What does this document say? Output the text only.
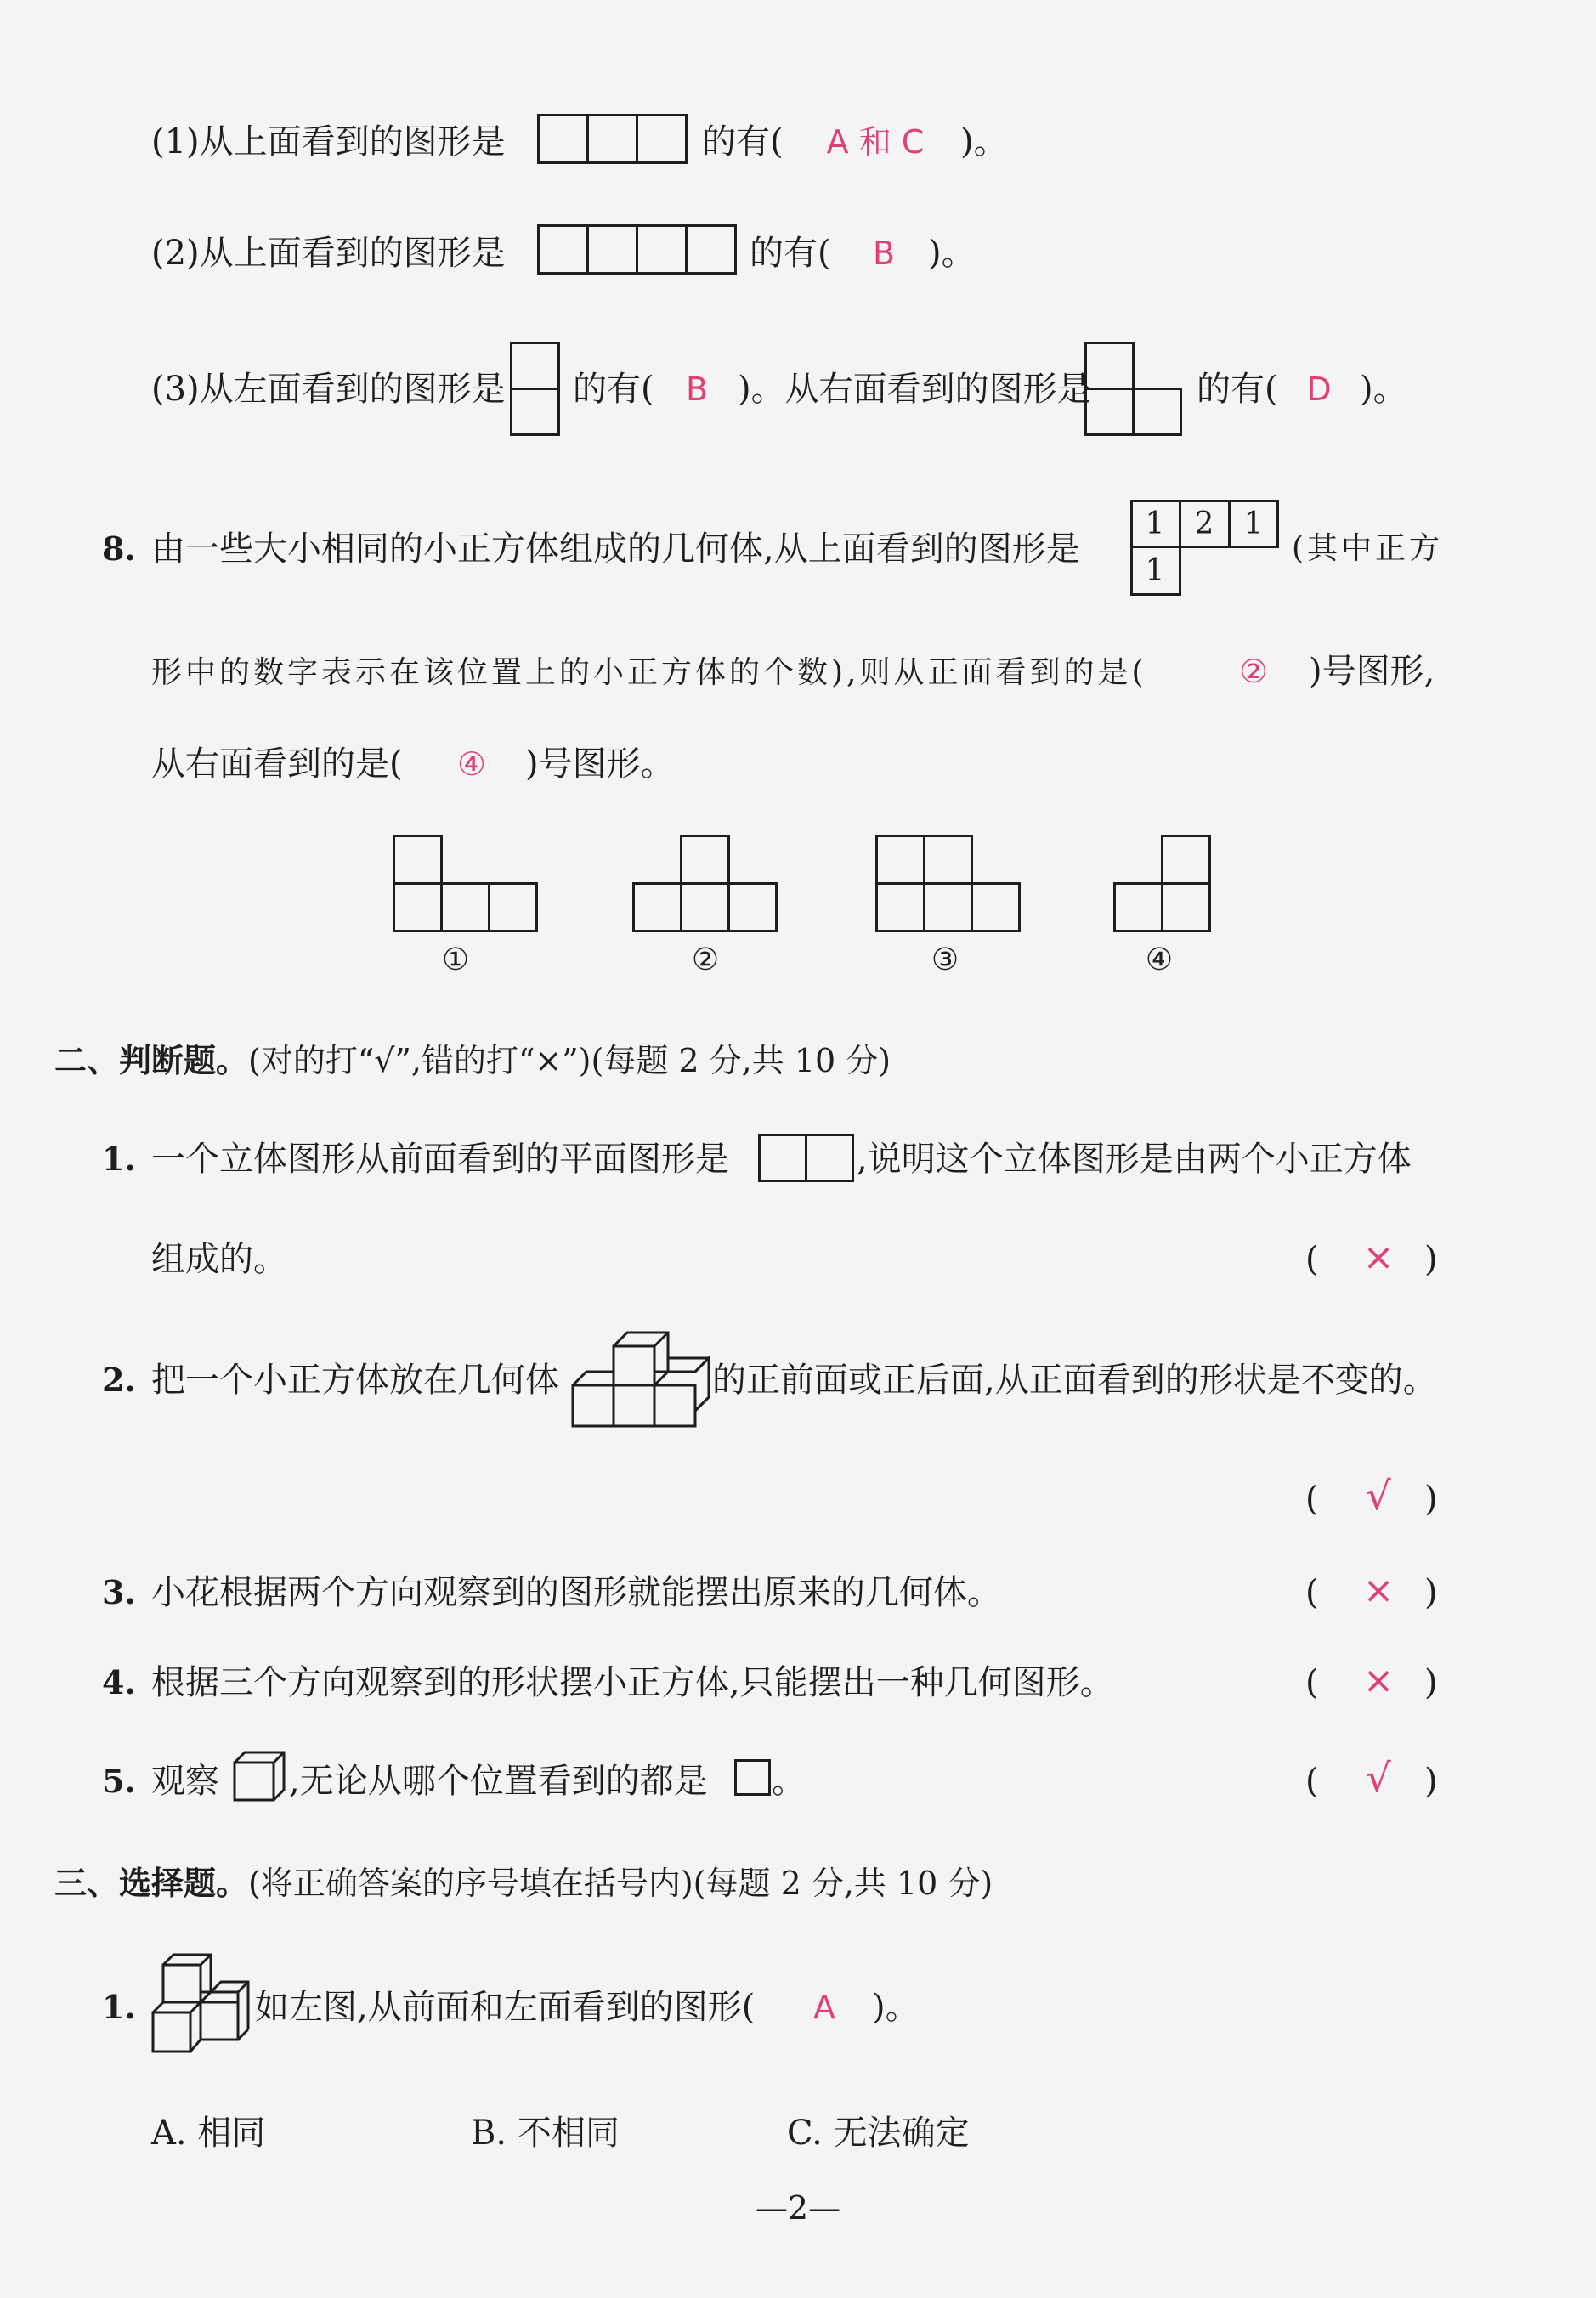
(1)从上面看到的图形是	的有(	A 和 C	)。
(2)从上面看到的图形是	的有(	B )。
(3)从左面看到的图形是 的有( B )。从右面看到的图形是	的有( D )。
8. 由一些大小相同的小正方体组成的几何体,从上面看到的图形是
1 2 1
1
(其中正方
形中的数字表示在该位置上的小正方体的个数),则从正面看到的是(	②	)号图形,
从右面看到的是(	④	)号图形。
①	②	③	④
二、判断题。(对的打“√”,错的打“×”)(每题 2 分,共 10 分)
1. 一个立体图形从前面看到的平面图形是	,说明这个立体图形是由两个小正方体
组成的。	(	× )
2. 把一个小正方体放在几何体	的正前面或正后面,从正面看到的形状是不变的。
(	√ )
3. 小花根据两个方向观察到的图形就能摆出原来的几何体。	(	× )
4. 根据三个方向观察到的形状摆小正方体,只能摆出一种几何图形。	(	× )
5. 观察 ,无论从哪个位置看到的都是 。	(	√ )
三、选择题。(将正确答案的序号填在括号内)(每题 2 分,共 10 分)
1.	如左图,从前面和左面看到的图形(	A	)。
A. 相同	B. 不相同	C. 无法确定
—2—
